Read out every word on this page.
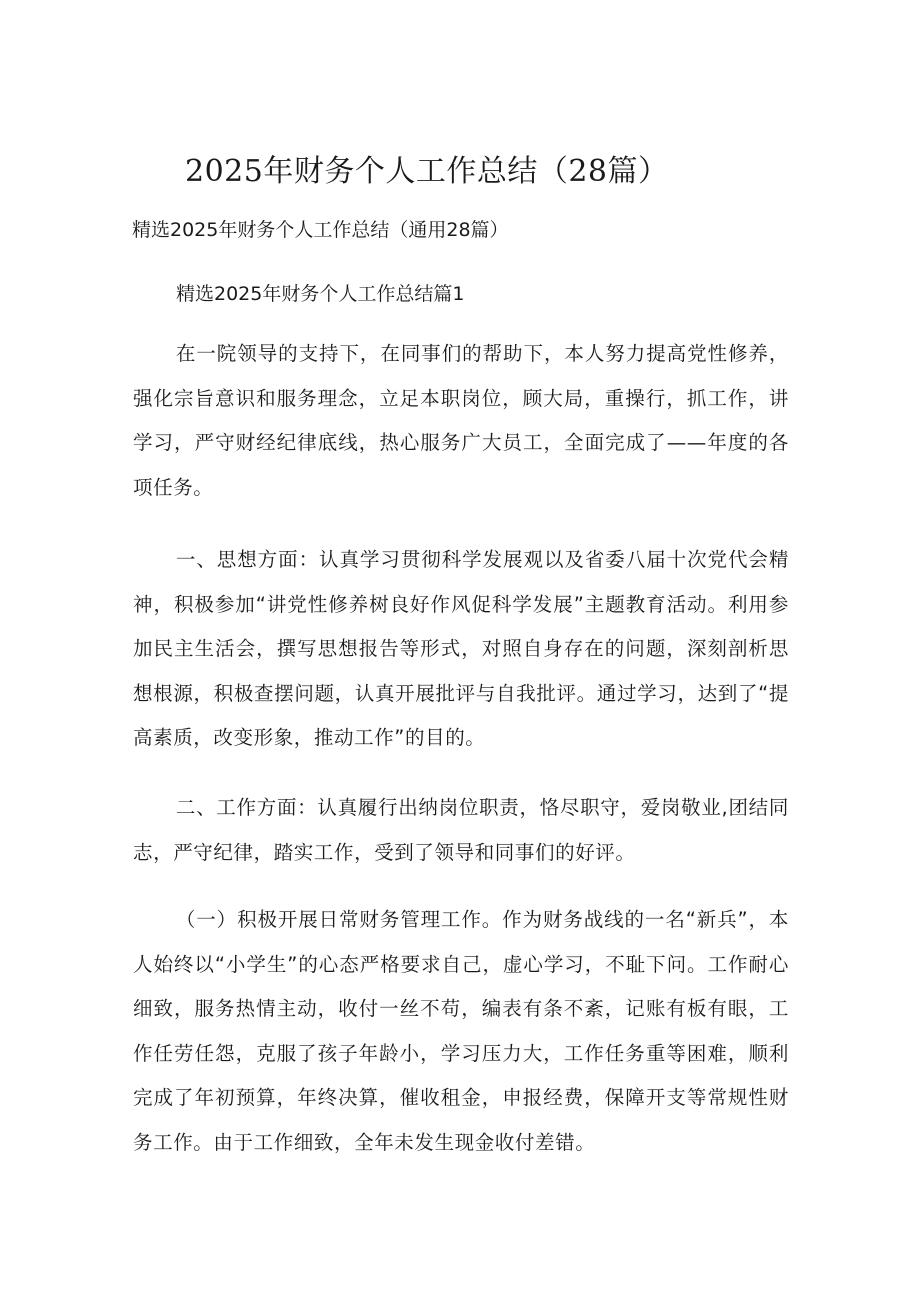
2025年财务个人工作总结（28篇）

精选2025年财务个人工作总结（通用28篇）

精选2025年财务个人工作总结篇1

在一院领导的支持下，在同事们的帮助下，本人努力提高党性修养，强化宗旨意识和服务理念，立足本职岗位，顾大局，重操行，抓工作，讲学习，严守财经纪律底线，热心服务广大员工，全面完成了——年度的各项任务。

一、思想方面：认真学习贯彻科学发展观以及省委八届十次党代会精神，积极参加“讲党性修养树良好作风促科学发展”主题教育活动。利用参加民主生活会，撰写思想报告等形式，对照自身存在的问题，深刻剖析思想根源，积极查摆问题，认真开展批评与自我批评。通过学习，达到了“提高素质，改变形象，推动工作”的目的。

二、工作方面：认真履行出纳岗位职责，恪尽职守，爱岗敬业,团结同志，严守纪律，踏实工作，受到了领导和同事们的好评。

（一）积极开展日常财务管理工作。作为财务战线的一名“新兵”，本人始终以“小学生”的心态严格要求自己，虚心学习，不耻下问。工作耐心细致，服务热情主动，收付一丝不苟，编表有条不紊，记账有板有眼，工作任劳任怨，克服了孩子年龄小，学习压力大，工作任务重等困难，顺利完成了年初预算，年终决算，催收租金，申报经费，保障开支等常规性财务工作。由于工作细致，全年未发生现金收付差错。
